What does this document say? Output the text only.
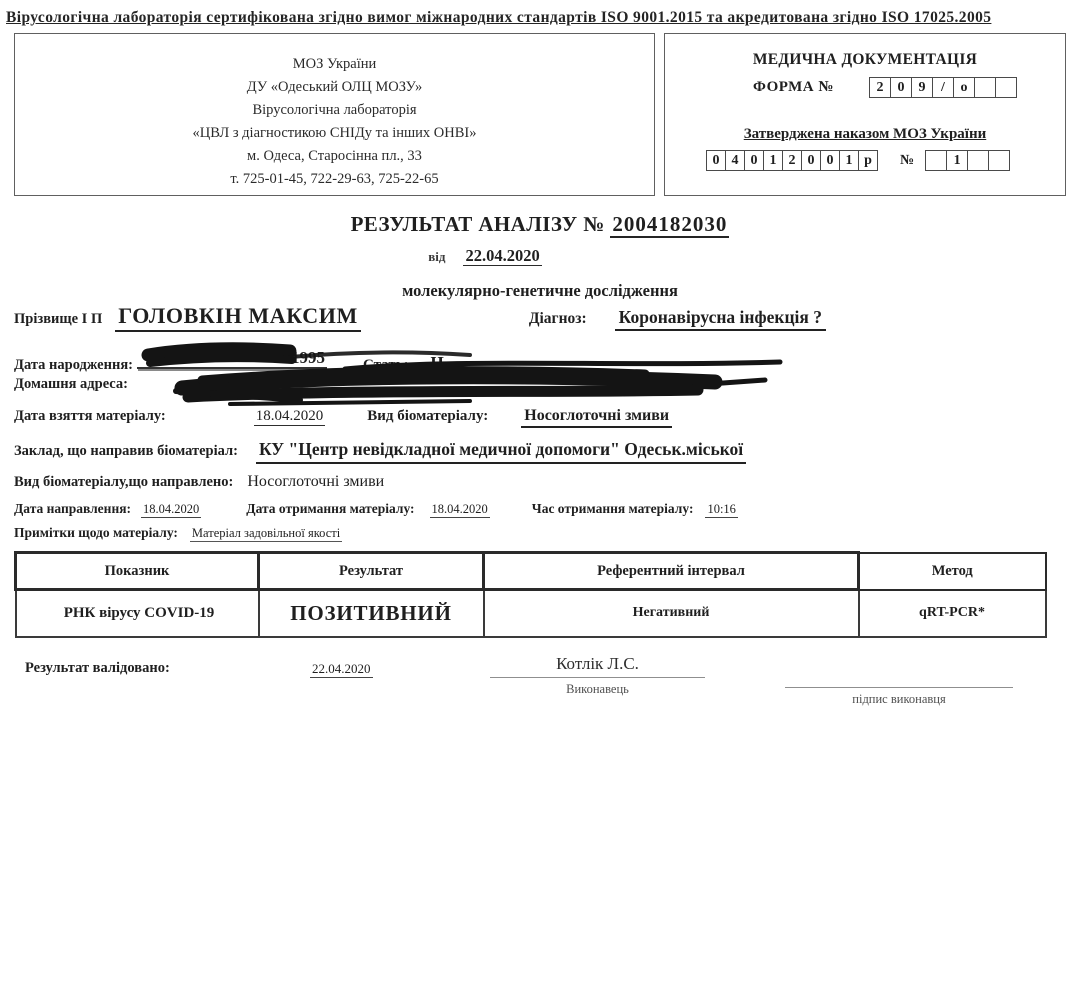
Вірусологічна лабораторія сертифікована згідно вимог міжнародних стандартів ISO 9001.2015 та акредитована згідно ISO 17025.2005
МОЗ України
ДУ «Одеський ОЛЦ МОЗУ»
Вірусологічна лабораторія
«ЦВЛ з діагностикою СНІДу та інших ОНВІ»
м. Одеса, Старосінна пл., 33
т. 725-01-45, 722-29-63, 725-22-65
МЕДИЧНА ДОКУМЕНТАЦІЯ
ФОРМА №	2	0	9	/	о
Затверджена наказом МОЗ України
0 4 0 1 2 0 0 1 р	№	1
РЕЗУЛЬТАТ АНАЛІЗУ № 2004182030
від 22.04.2020
молекулярно-генетичне дослідження
Прізвище І П ГОЛОВКІН МАКСИМ	Діагноз: Коронавірусна інфекція ?
Дата народження:	.1995	Стать: Ч
Домашня адреса:
Дата взяття матеріалу:	18.04.2020	Вид біоматеріалу: Носоглоточні змиви
Заклад, що направив біоматеріал: КУ "Центр невідкладної медичної допомоги" Одеськ.міської
Вид біоматеріалу,що направлено: Носоглоточні змиви
Дата направлення: 18.04.2020	Дата отримання матеріалу: 18.04.2020	Час отримання матеріалу: 10:16
Примітки щодо матеріалу: Матеріал задовільної якості
Показник	Результат	Референтний інтервал	Метод
РНК вірусу COVID-19	ПОЗИТИВНИЙ	Негативний	qRT-PCR*
Результат валідовано:	22.04.2020	Котлік Л.С.
Виконавець
підпис виконавця
